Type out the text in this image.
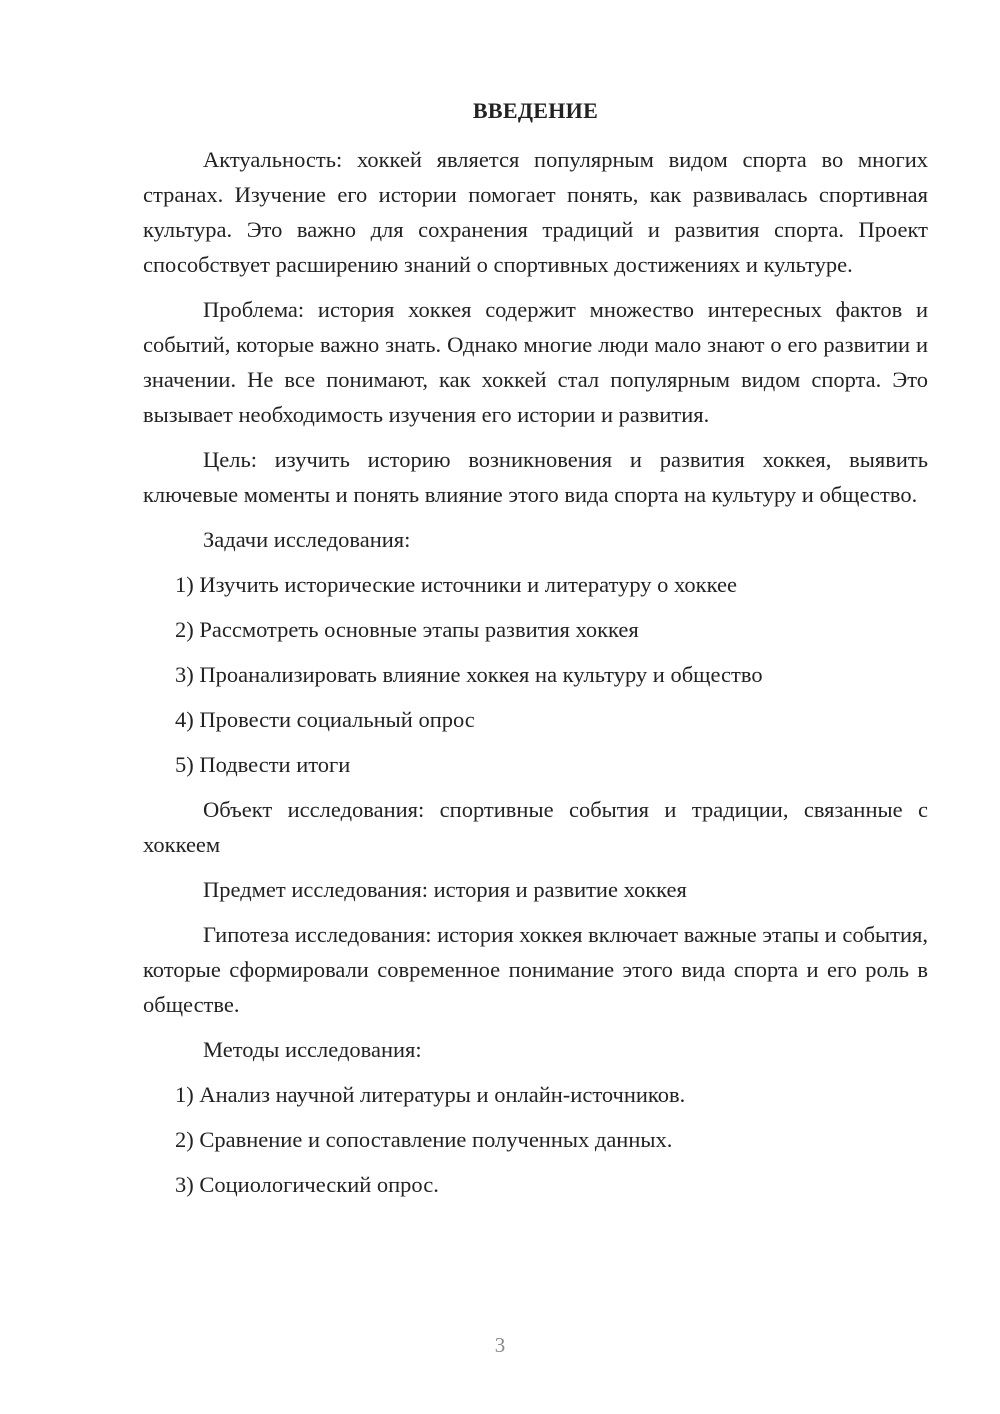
ВВЕДЕНИЕ

Актуальность: хоккей является популярным видом спорта во многих странах. Изучение его истории помогает понять, как развивалась спортивная культура. Это важно для сохранения традиций и развития спорта. Проект способствует расширению знаний о спортивных достижениях и культуре.

Проблема: история хоккея содержит множество интересных фактов и событий, которые важно знать. Однако многие люди мало знают о его развитии и значении. Не все понимают, как хоккей стал популярным видом спорта. Это вызывает необходимость изучения его истории и развития.

Цель: изучить историю возникновения и развития хоккея, выявить ключевые моменты и понять влияние этого вида спорта на культуру и общество.

Задачи исследования:

1) Изучить исторические источники и литературу о хоккее

2) Рассмотреть основные этапы развития хоккея

3) Проанализировать влияние хоккея на культуру и общество

4) Провести социальный опрос

5) Подвести итоги

Объект исследования: спортивные события и традиции, связанные с хоккеем

Предмет исследования: история и развитие хоккея

Гипотеза исследования: история хоккея включает важные этапы и события, которые сформировали современное понимание этого вида спорта и его роль в обществе.

Методы исследования:

1) Анализ научной литературы и онлайн-источников.

2) Сравнение и сопоставление полученных данных.

3) Социологический опрос.

3
